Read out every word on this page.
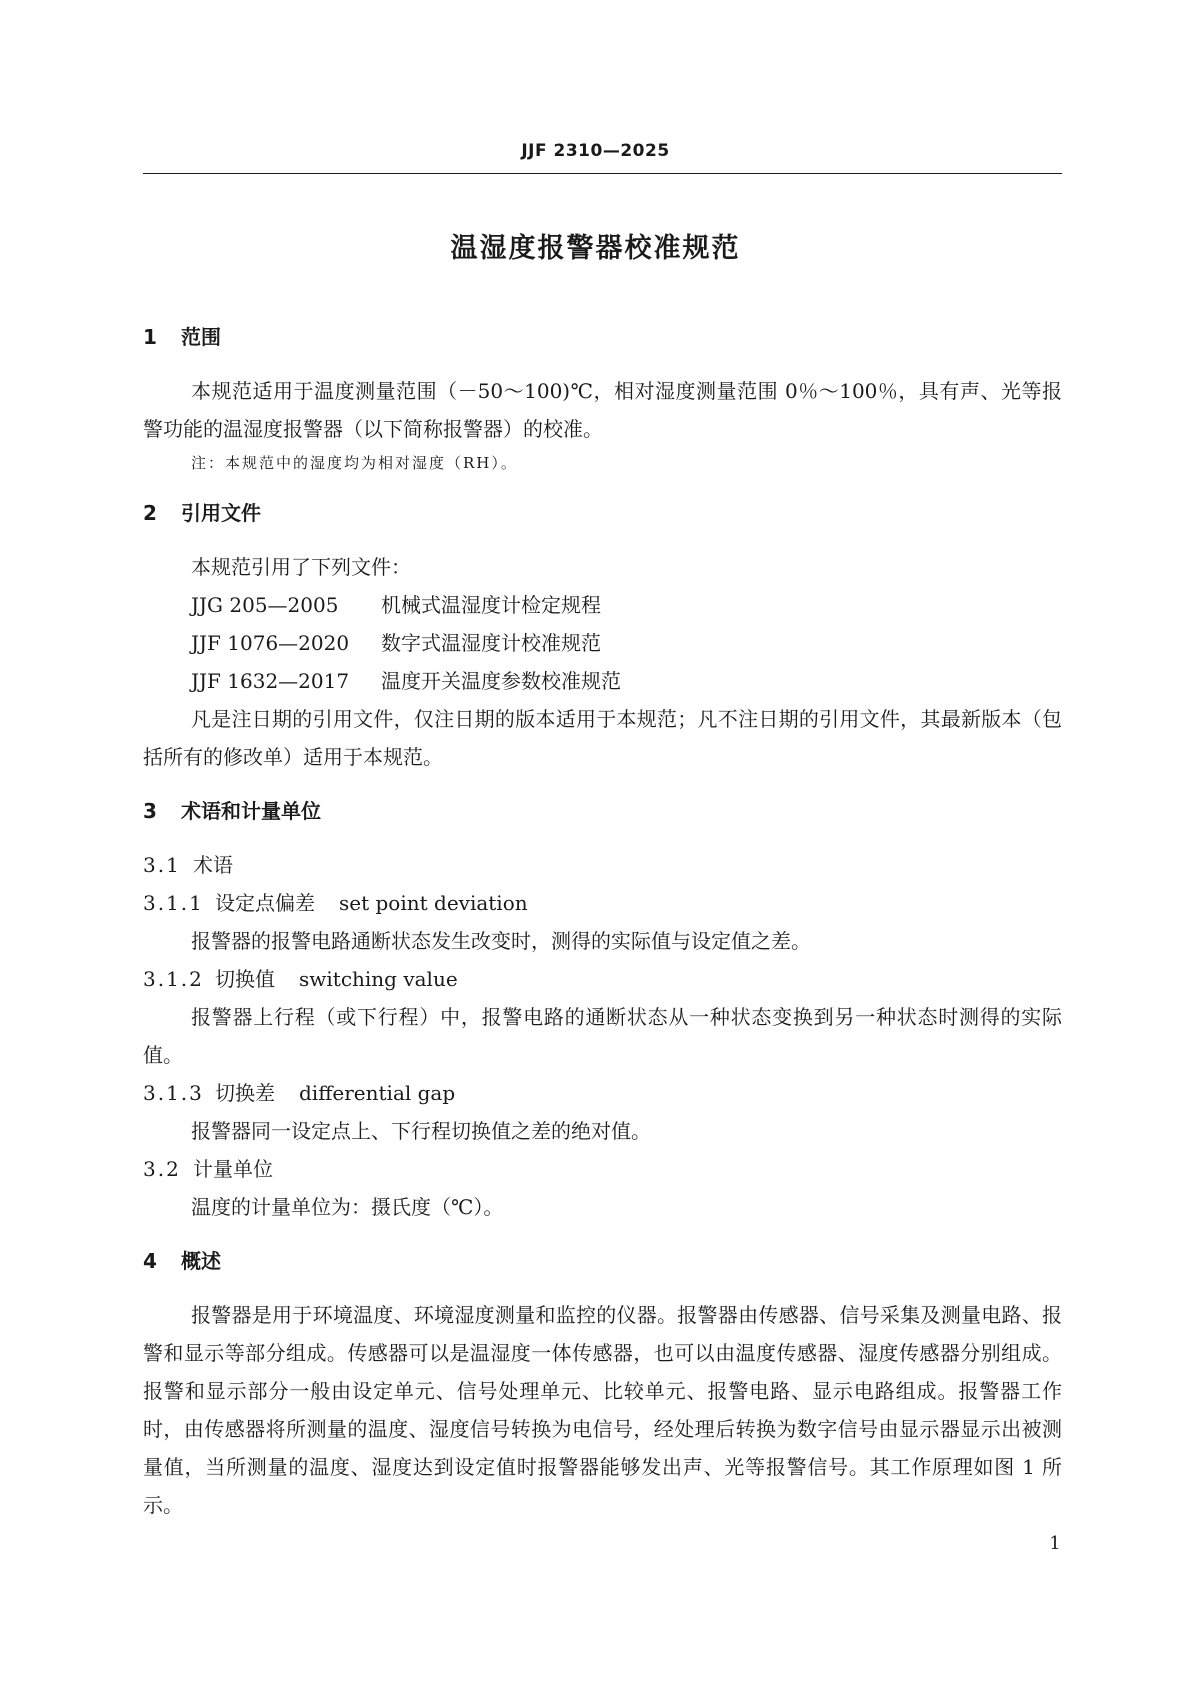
JJF 2310—2025
温湿度报警器校准规范
1 范围

本规范适用于温度测量范围（－50～100)℃，相对湿度测量范围 0％～100％，具有声、光等报警功能的温湿度报警器（以下简称报警器）的校准。

注：本规范中的湿度均为相对湿度（RH）。

2 引用文件

本规范引用了下列文件：

JJG 205—2005 机械式温湿度计检定规程

JJF 1076—2020 数字式温湿度计校准规范

JJF 1632—2017 温度开关温度参数校准规范

凡是注日期的引用文件，仅注日期的版本适用于本规范；凡不注日期的引用文件，其最新版本（包括所有的修改单）适用于本规范。

3 术语和计量单位

3.1 术语

3.1.1 设定点偏差 set point deviation

报警器的报警电路通断状态发生改变时，测得的实际值与设定值之差。

3.1.2 切换值 switching value

报警器上行程（或下行程）中，报警电路的通断状态从一种状态变换到另一种状态时测得的实际值。

3.1.3 切换差 differential gap

报警器同一设定点上、下行程切换值之差的绝对值。

3.2 计量单位

温度的计量单位为：摄氏度（℃）。

4 概述

报警器是用于环境温度、环境湿度测量和监控的仪器。报警器由传感器、信号采集及测量电路、报警和显示等部分组成。传感器可以是温湿度一体传感器，也可以由温度传感器、湿度传感器分别组成。报警和显示部分一般由设定单元、信号处理单元、比较单元、报警电路、显示电路组成。报警器工作时，由传感器将所测量的温度、湿度信号转换为电信号，经处理后转换为数字信号由显示器显示出被测量值，当所测量的温度、湿度达到设定值时报警器能够发出声、光等报警信号。其工作原理如图 1 所示。

1
